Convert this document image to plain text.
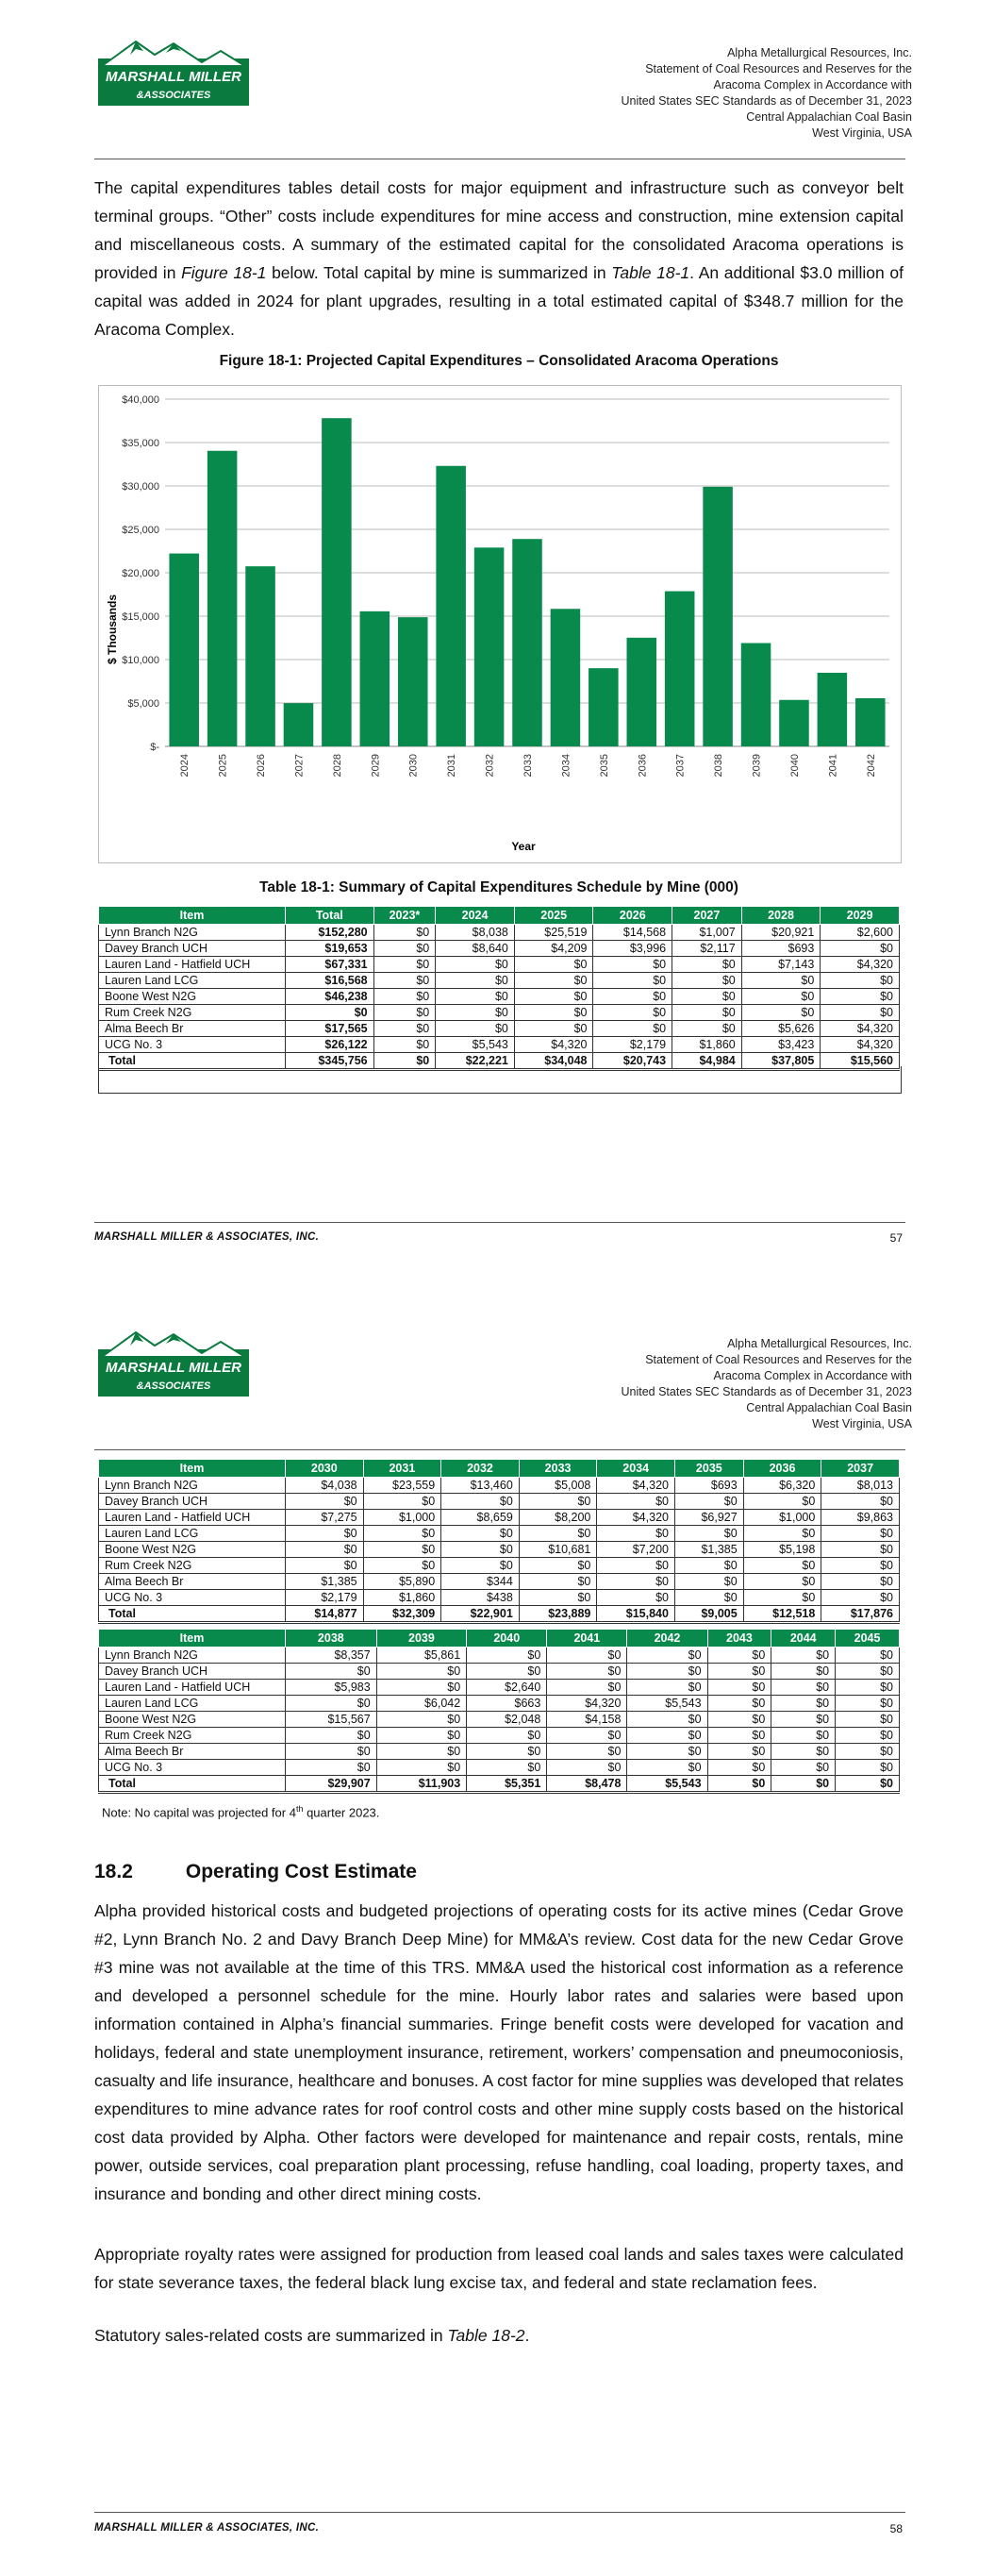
MARSHALL MILLER
&ASSOCIATES
Alpha Metallurgical Resources, Inc.
Statement of Coal Resources and Reserves for the
Aracoma Complex in Accordance with
United States SEC Standards as of December 31, 2023
Central Appalachian Coal Basin
West Virginia, USA
The capital expenditures tables detail costs for major equipment and infrastructure such as conveyor belt terminal groups. “Other” costs include expenditures for mine access and construction, mine extension capital and miscellaneous costs. A summary of the estimated capital for the consolidated Aracoma operations is provided in Figure 18-1 below. Total capital by mine is summarized in Table 18-1. An additional $3.0 million of capital was added in 2024 for plant upgrades, resulting in a total estimated capital of $348.7 million for the Aracoma Complex.
Figure 18-1: Projected Capital Expenditures – Consolidated Aracoma Operations
$-
$5,000
$10,000
$15,000
$20,000
$25,000
$30,000
$35,000
$40,000
2024	2025	2026	2027	2028	2029	2030	2031	2032	2033	2034	2035	2036	2037	2038	2039	2040	2041	2042
$ Thousands
Year
Table 18-1: Summary of Capital Expenditures Schedule by Mine (000)
Item	Total	2023*	2024	2025	2026	2027	2028	2029
Lynn Branch N2G	$152,280	$0	$8,038	$25,519	$14,568	$1,007	$20,921	$2,600
Davey Branch UCH	$19,653	$0	$8,640	$4,209	$3,996	$2,117	$693	$0
Lauren Land - Hatfield UCH	$67,331	$0	$0	$0	$0	$0	$7,143	$4,320
Lauren Land LCG	$16,568	$0	$0	$0	$0	$0	$0	$0
Boone West N2G	$46,238	$0	$0	$0	$0	$0	$0	$0
Rum Creek N2G	$0	$0	$0	$0	$0	$0	$0	$0
Alma Beech Br	$17,565	$0	$0	$0	$0	$0	$5,626	$4,320
UCG No. 3	$26,122	$0	$5,543	$4,320	$2,179	$1,860	$3,423	$4,320
Total	$345,756	$0	$22,221	$34,048	$20,743	$4,984	$37,805	$15,560
MARSHALL MILLER & ASSOCIATES, INC.	57
MARSHALL MILLER
&ASSOCIATES
Alpha Metallurgical Resources, Inc.
Statement of Coal Resources and Reserves for the
Aracoma Complex in Accordance with
United States SEC Standards as of December 31, 2023
Central Appalachian Coal Basin
West Virginia, USA
Item	2030	2031	2032	2033	2034	2035	2036	2037
Lynn Branch N2G	$4,038	$23,559	$13,460	$5,008	$4,320	$693	$6,320	$8,013
Davey Branch UCH	$0	$0	$0	$0	$0	$0	$0	$0
Lauren Land - Hatfield UCH	$7,275	$1,000	$8,659	$8,200	$4,320	$6,927	$1,000	$9,863
Lauren Land LCG	$0	$0	$0	$0	$0	$0	$0	$0
Boone West N2G	$0	$0	$0	$10,681	$7,200	$1,385	$5,198	$0
Rum Creek N2G	$0	$0	$0	$0	$0	$0	$0	$0
Alma Beech Br	$1,385	$5,890	$344	$0	$0	$0	$0	$0
UCG No. 3	$2,179	$1,860	$438	$0	$0	$0	$0	$0
Total	$14,877	$32,309	$22,901	$23,889	$15,840	$9,005	$12,518	$17,876
Item	2038	2039	2040	2041	2042	2043	2044	2045
Lynn Branch N2G	$8,357	$5,861	$0	$0	$0	$0	$0	$0
Davey Branch UCH	$0	$0	$0	$0	$0	$0	$0	$0
Lauren Land - Hatfield UCH	$5,983	$0	$2,640	$0	$0	$0	$0	$0
Lauren Land LCG	$0	$6,042	$663	$4,320	$5,543	$0	$0	$0
Boone West N2G	$15,567	$0	$2,048	$4,158	$0	$0	$0	$0
Rum Creek N2G	$0	$0	$0	$0	$0	$0	$0	$0
Alma Beech Br	$0	$0	$0	$0	$0	$0	$0	$0
UCG No. 3	$0	$0	$0	$0	$0	$0	$0	$0
Total	$29,907	$11,903	$5,351	$8,478	$5,543	$0	$0	$0
Note: No capital was projected for 4th quarter 2023.
18.2	Operating Cost Estimate
Alpha provided historical costs and budgeted projections of operating costs for its active mines (Cedar Grove #2, Lynn Branch No. 2 and Davy Branch Deep Mine) for MM&A’s review. Cost data for the new Cedar Grove #3 mine was not available at the time of this TRS. MM&A used the historical cost information as a reference and developed a personnel schedule for the mine. Hourly labor rates and salaries were based upon information contained in Alpha’s financial summaries. Fringe benefit costs were developed for vacation and holidays, federal and state unemployment insurance, retirement, workers’ compensation and pneumoconiosis, casualty and life insurance, healthcare and bonuses. A cost factor for mine supplies was developed that relates expenditures to mine advance rates for roof control costs and other mine supply costs based on the historical cost data provided by Alpha. Other factors were developed for maintenance and repair costs, rentals, mine power, outside services, coal preparation plant processing, refuse handling, coal loading, property taxes, and insurance and bonding and other direct mining costs.
Appropriate royalty rates were assigned for production from leased coal lands and sales taxes were calculated for state severance taxes, the federal black lung excise tax, and federal and state reclamation fees.
Statutory sales-related costs are summarized in Table 18-2.
MARSHALL MILLER & ASSOCIATES, INC.	58
